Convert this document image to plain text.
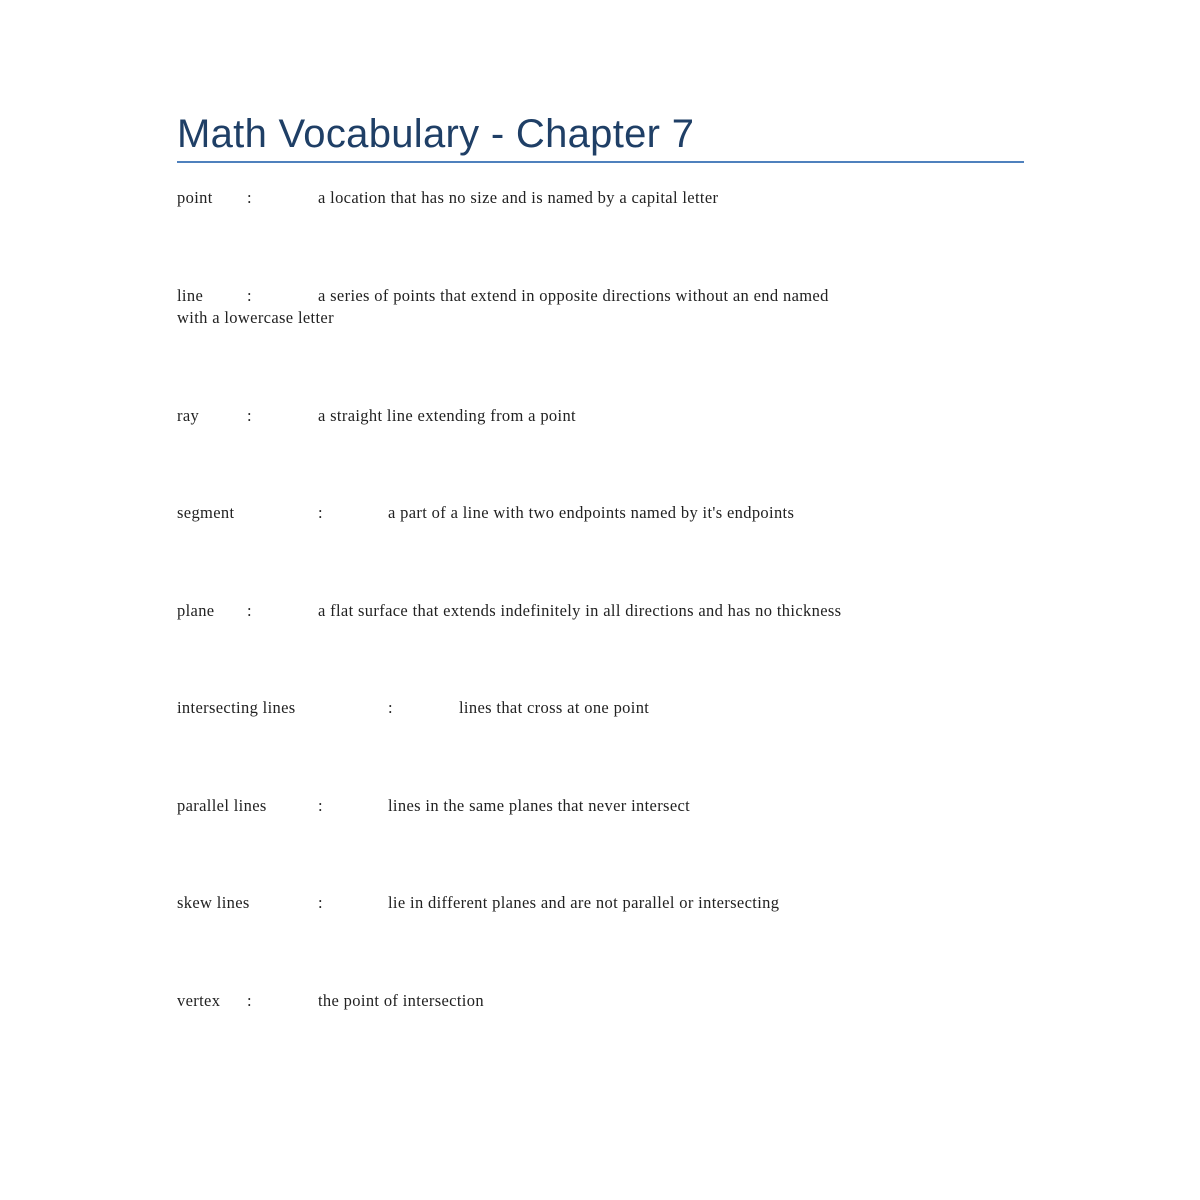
Math Vocabulary - Chapter 7
point :	a location that has no size and is named by a capital letter
line	:	a series of points that extend in opposite directions without an end named
with a lowercase letter
ray	:	a straight line extending from a point
segment	:	a part of a line with two endpoints named by it's endpoints
plane :	a flat surface that extends indefinitely in all directions and has no thickness
intersecting lines	:	lines that cross at one point
parallel lines	:	lines in the same planes that never intersect
skew lines	:	lie in different planes and are not parallel or intersecting
vertex :	the point of intersection
